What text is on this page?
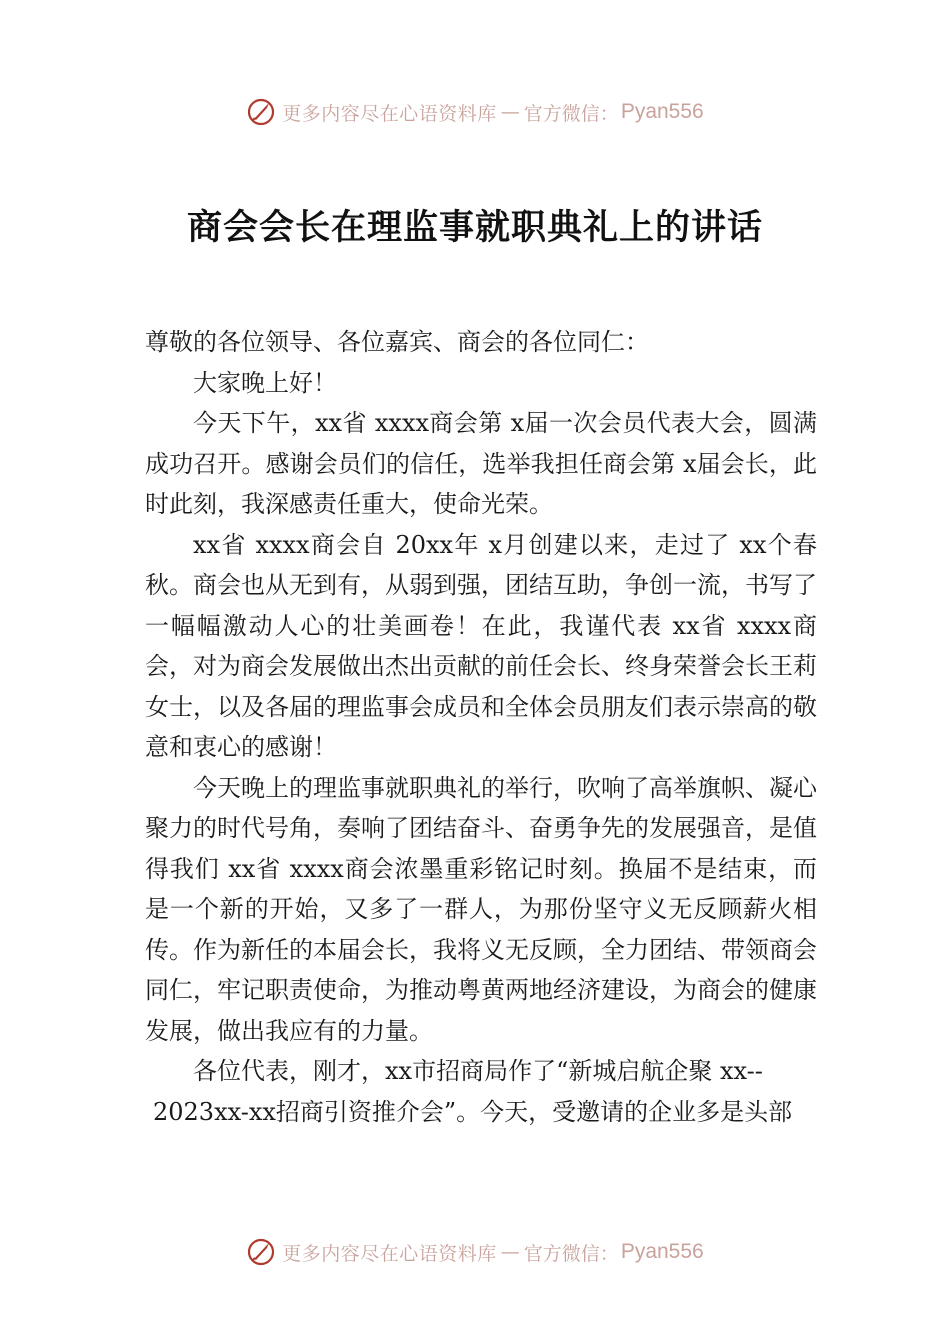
更多内容尽在心语资料库 — 官方微信： Pyan556
商会会长在理监事就职典礼上的讲话

尊敬的各位领导、各位嘉宾、商会的各位同仁：

大家晚上好！

今天下午，xx省 xxxx商会第 x届一次会员代表大会，圆满成功召开。感谢会员们的信任，选举我担任商会第 x届会长，此时此刻，我深感责任重大，使命光荣。

xx省 xxxx商会自 20xx年 x月创建以来，走过了 xx个春秋。商会也从无到有，从弱到强，团结互助，争创一流，书写了一幅幅激动人心的壮美画卷！在此，我谨代表 xx省 xxxx商会，对为商会发展做出杰出贡献的前任会长、终身荣誉会长王莉女士，以及各届的理监事会成员和全体会员朋友们表示崇高的敬意和衷心的感谢！

今天晚上的理监事就职典礼的举行，吹响了高举旗帜、凝心聚力的时代号角，奏响了团结奋斗、奋勇争先的发展强音，是值得我们 xx省 xxxx商会浓墨重彩铭记时刻。换届不是结束，而是一个新的开始，又多了一群人，为那份坚守义无反顾薪火相传。作为新任的本届会长，我将义无反顾，全力团结、带领商会同仁，牢记职责使命，为推动粤黄两地经济建设，为商会的健康发展，做出我应有的力量。

各位代表，刚才，xx市招商局作了“新城启航企聚 xx--

2023xx-xx招商引资推介会”。今天，受邀请的企业多是头部

更多内容尽在心语资料库 — 官方微信： Pyan556
